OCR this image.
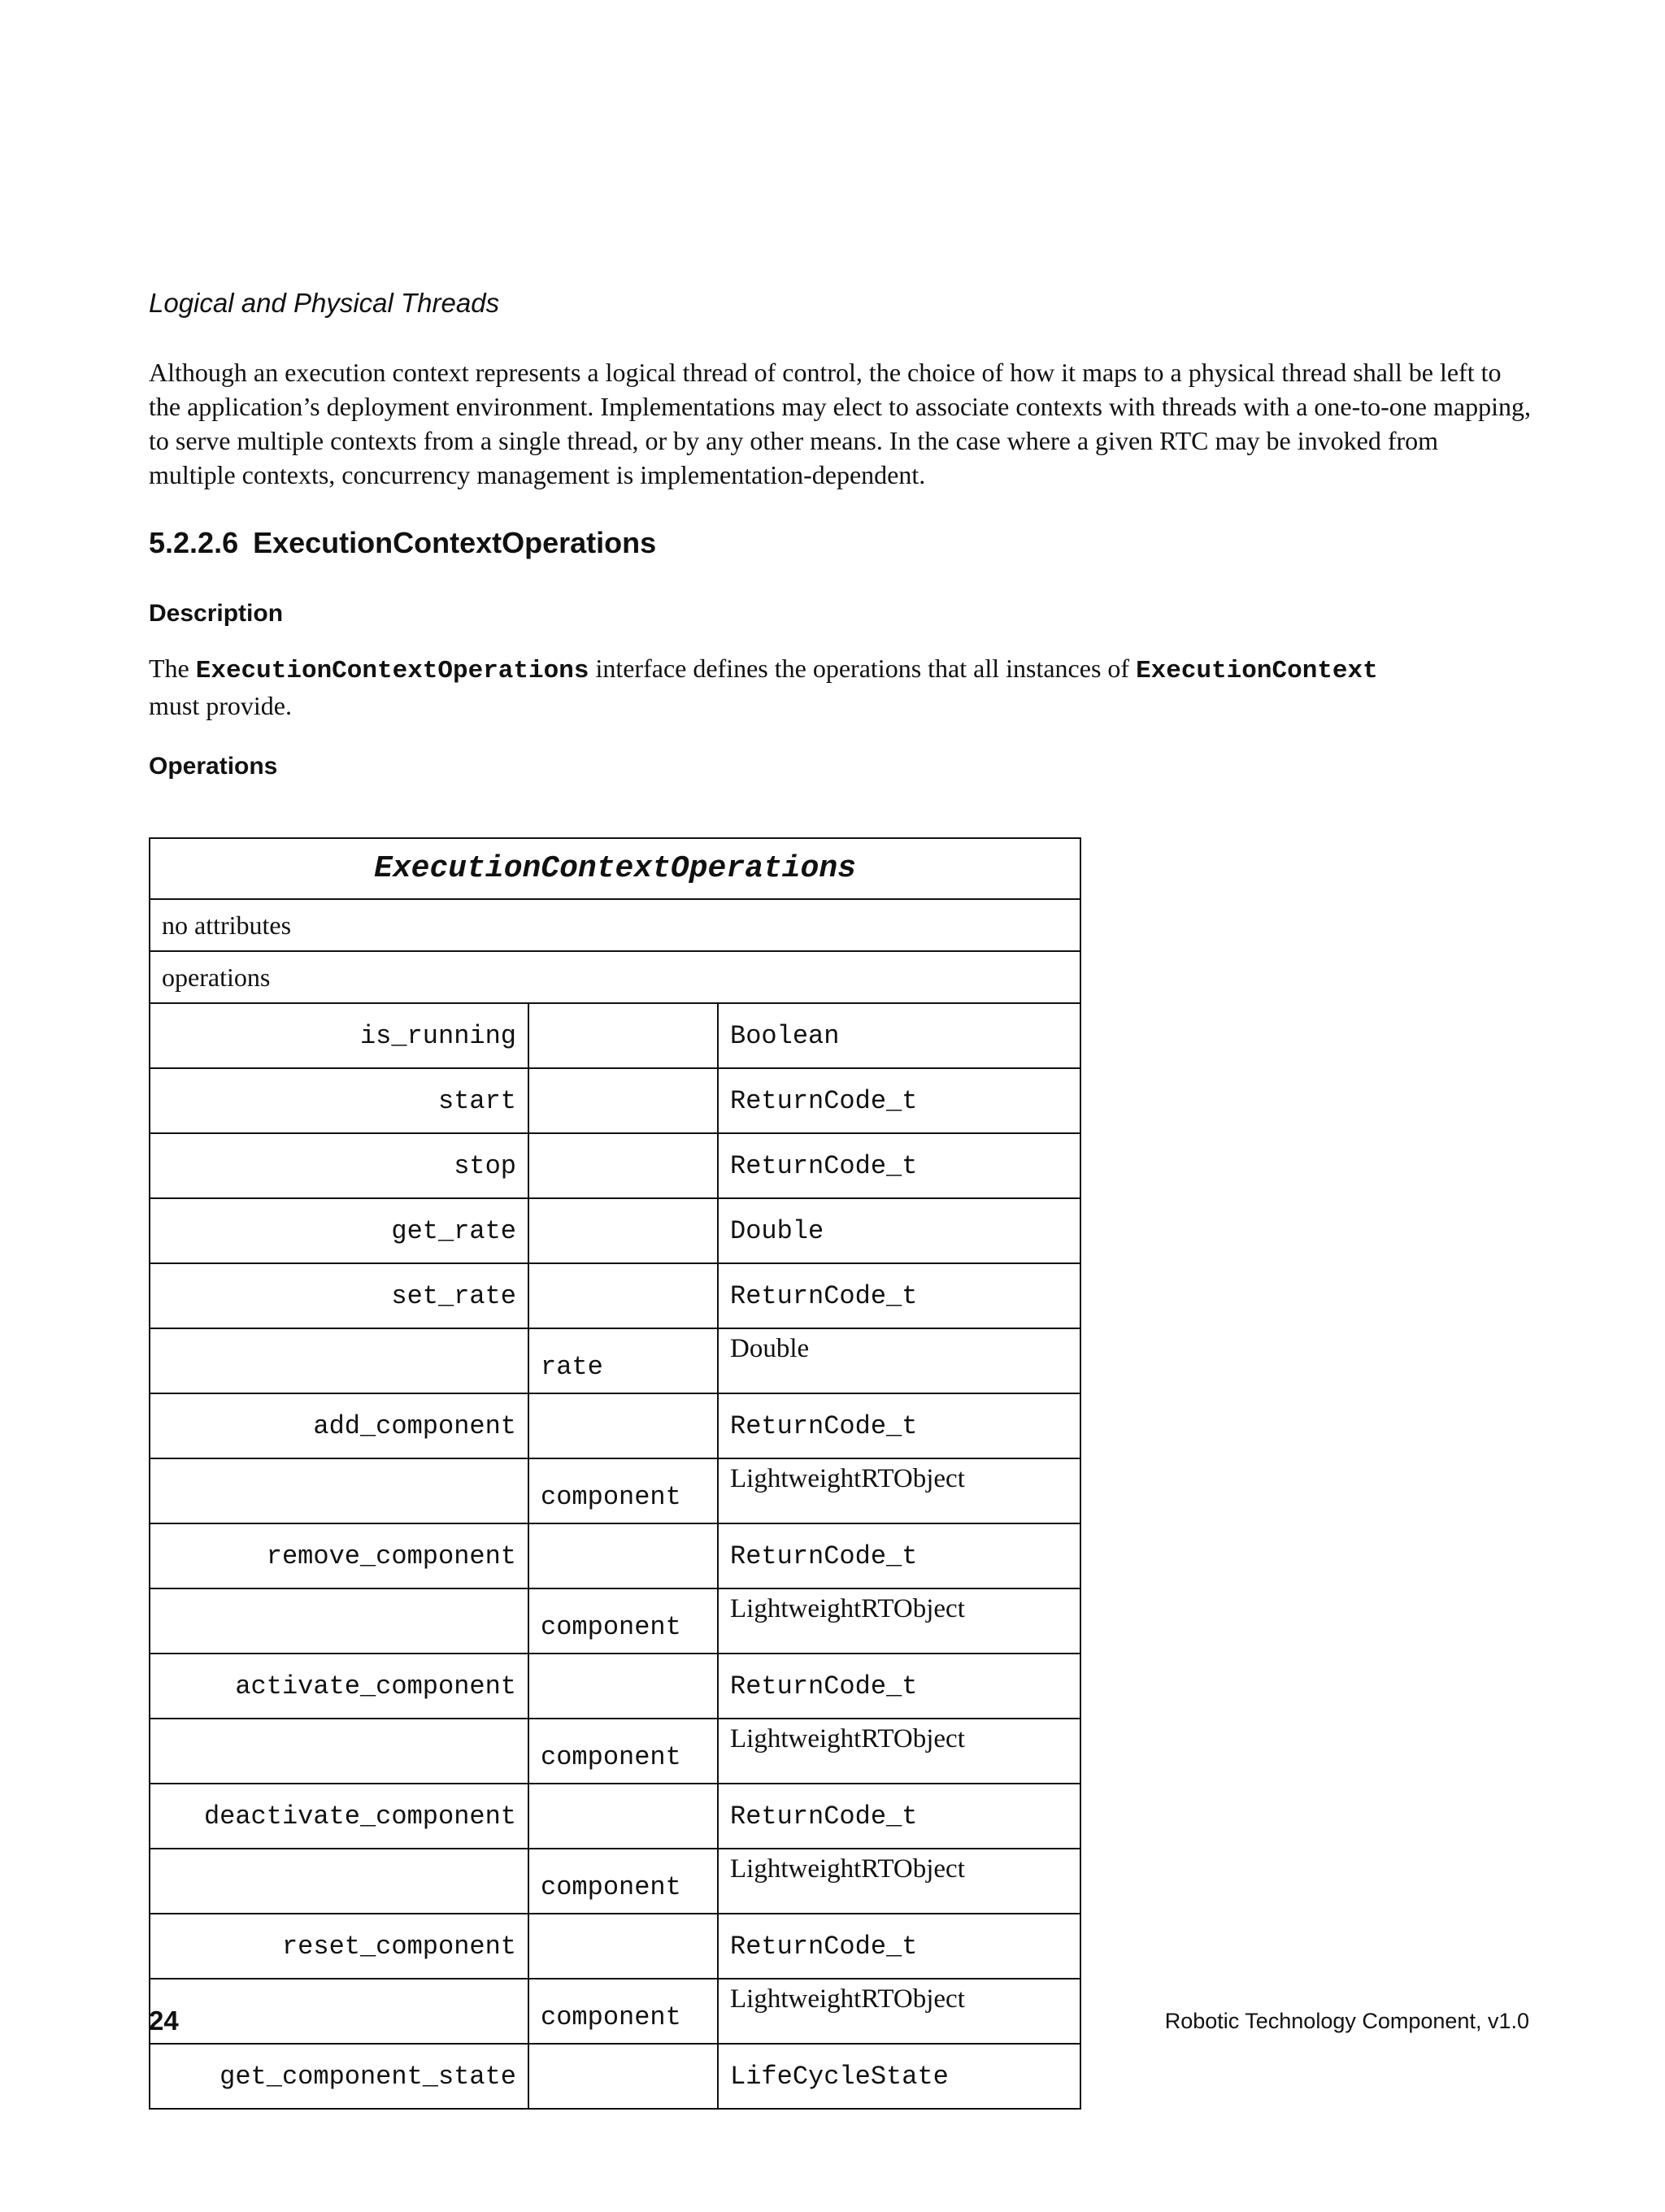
Logical and Physical Threads
Although an execution context represents a logical thread of control, the choice of how it maps to a physical thread shall be left to the application’s deployment environment. Implementations may elect to associate contexts with threads with a one-to-one mapping, to serve multiple contexts from a single thread, or by any other means. In the case where a given RTC may be invoked from multiple contexts, concurrency management is implementation-dependent.
5.2.2.6 ExecutionContextOperations
Description
The ExecutionContextOperations interface defines the operations that all instances of ExecutionContext
must provide.
Operations
ExecutionContextOperations		
no attributes		
operations		
is_running		Boolean
start		ReturnCode_t
stop		ReturnCode_t
get_rate		Double
set_rate		ReturnCode_t
	rate	Double
add_component		ReturnCode_t
	component	LightweightRTObject
remove_component		ReturnCode_t
	component	LightweightRTObject
activate_component		ReturnCode_t
	component	LightweightRTObject
deactivate_component		ReturnCode_t
	component	LightweightRTObject
reset_component		ReturnCode_t
	component	LightweightRTObject
get_component_state		LifeCycleState
24	Robotic Technology Component, v1.0
